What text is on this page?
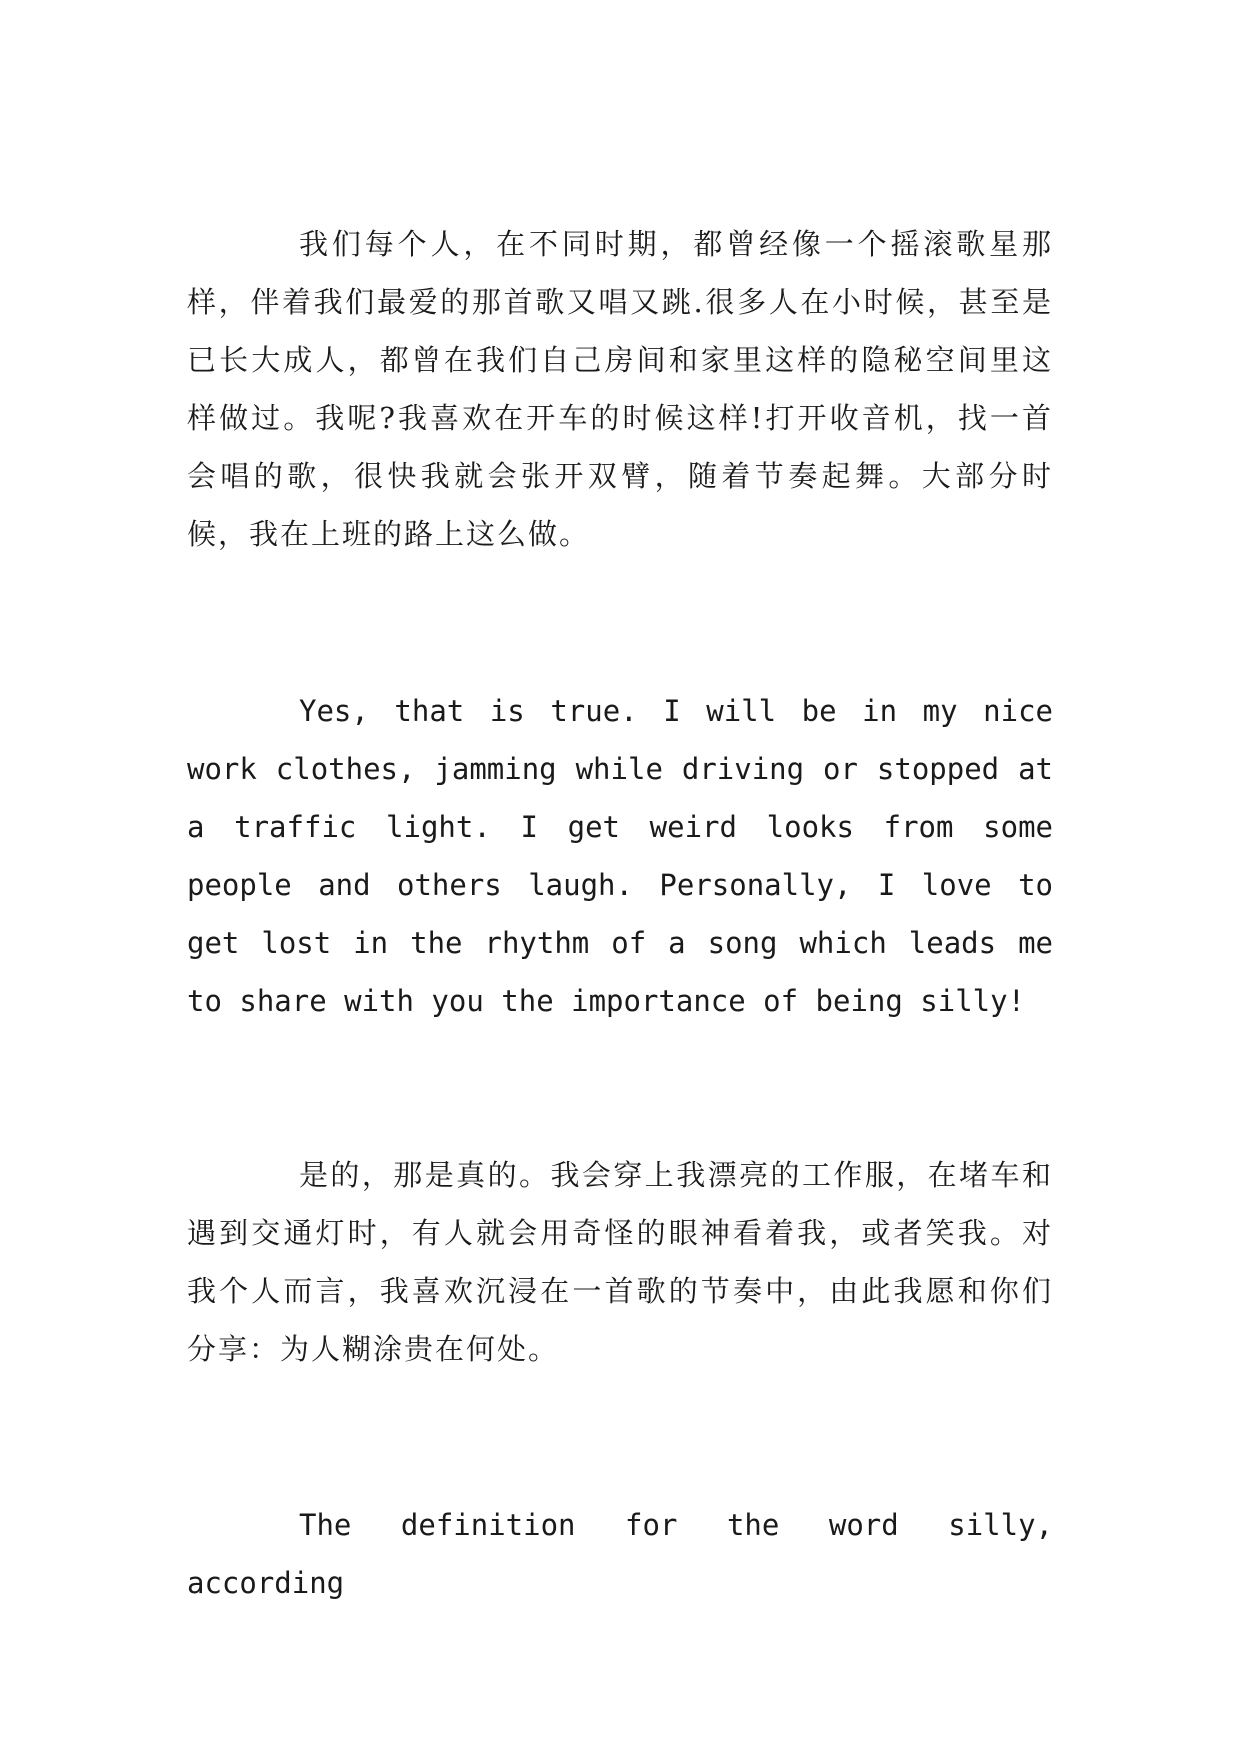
我们每个人，在不同时期，都曾经像一个摇滚歌星那样，伴着我们最爱的那首歌又唱又跳.很多人在小时候，甚至是已长大成人，都曾在我们自己房间和家里这样的隐秘空间里这样做过。我呢?我喜欢在开车的时候这样!打开收音机，找一首会唱的歌，很快我就会张开双臂，随着节奏起舞。大部分时候，我在上班的路上这么做。

Yes, that is true. I will be in my nice work clothes, jamming while driving or stopped at a traffic light. I get weird looks from some people and others laugh. Personally, I love to get lost in the rhythm of a song which leads me to share with you the importance of being silly!

是的，那是真的。我会穿上我漂亮的工作服，在堵车和遇到交通灯时，有人就会用奇怪的眼神看着我，或者笑我。对我个人而言，我喜欢沉浸在一首歌的节奏中，由此我愿和你们分享：为人糊涂贵在何处。

The definition for the word silly, according
